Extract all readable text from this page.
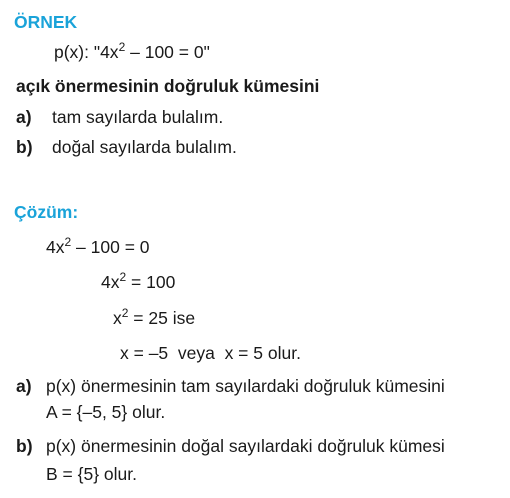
ÖRNEK
p(x): "$4x^2 - 100 = 0$"
açık önermesinin doğruluk kümesini
a) tam sayılarda bulalım.
b) doğal sayılarda bulalım.
Çözüm:
$4x^2 - 100 = 0$
$4x^2 = 100$
$x^2 = 25$ ise
x = –5  veya  x = 5 olur.
a) p(x) önermesinin tam sayılardaki doğruluk kümesini
A = {–5, 5} olur.
b) p(x) önermesinin doğal sayılardaki doğruluk kümesi
B = {5} olur.
